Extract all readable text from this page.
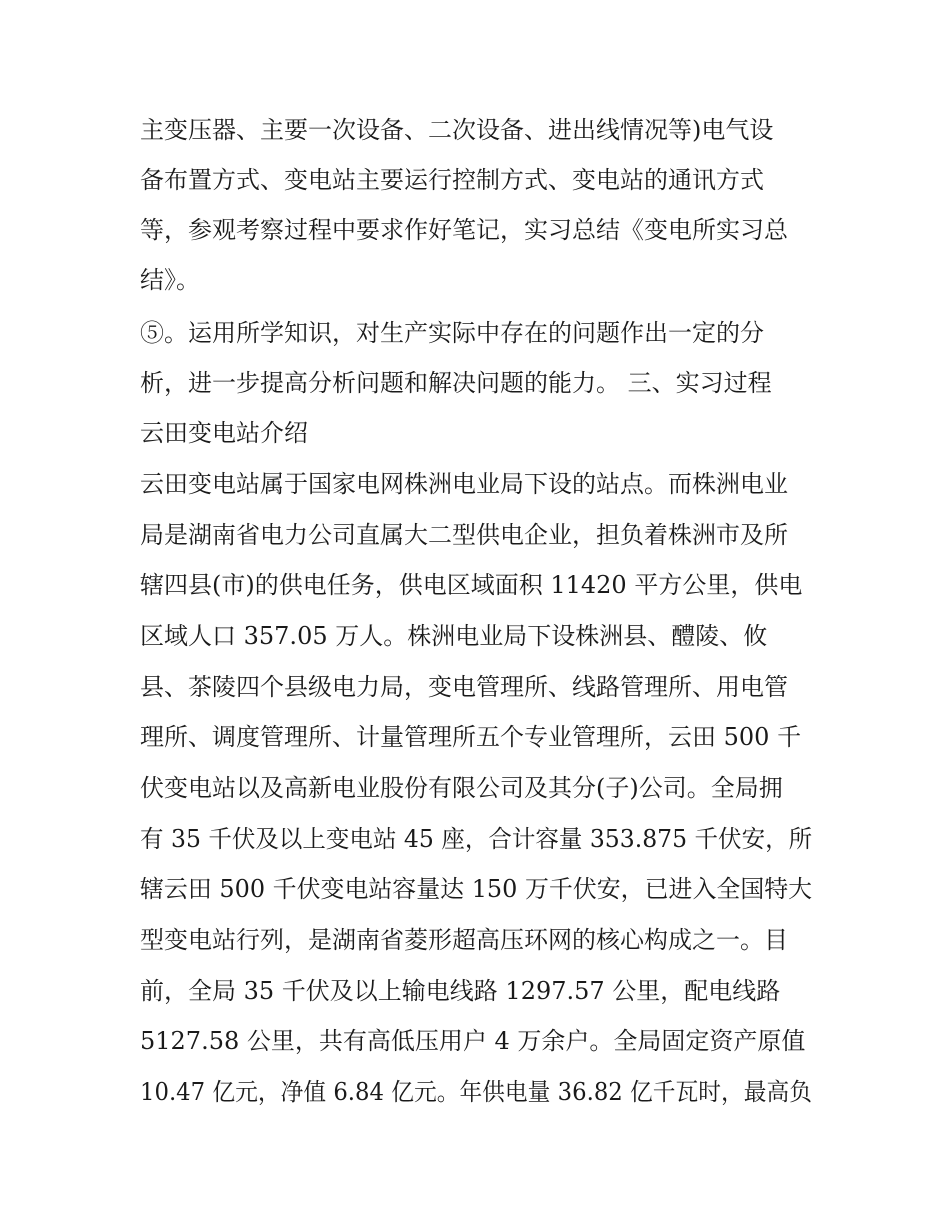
主变压器、主要一次设备、二次设备、进出线情况等)电气设
备布置方式、变电站主要运行控制方式、变电站的通讯方式
等，参观考察过程中要求作好笔记，实习总结《变电所实习总
结》。
⑤。运用所学知识，对生产实际中存在的问题作出一定的分
析，进一步提高分析问题和解决问题的能力。 三、实习过程
云田变电站介绍
云田变电站属于国家电网株洲电业局下设的站点。而株洲电业
局是湖南省电力公司直属大二型供电企业，担负着株洲市及所
辖四县(市)的供电任务，供电区域面积 11420 平方公里，供电
区域人口 357.05 万人。株洲电业局下设株洲县、醴陵、攸
县、茶陵四个县级电力局，变电管理所、线路管理所、用电管
理所、调度管理所、计量管理所五个专业管理所，云田 500 千
伏变电站以及高新电业股份有限公司及其分(子)公司。全局拥
有 35 千伏及以上变电站 45 座，合计容量 353.875 千伏安，所
辖云田 500 千伏变电站容量达 150 万千伏安，已进入全国特大
型变电站行列，是湖南省菱形超高压环网的核心构成之一。目
前，全局 35 千伏及以上输电线路 1297.57 公里，配电线路
5127.58 公里，共有高低压用户 4 万余户。全局固定资产原值
10.47 亿元，净值 6.84 亿元。年供电量 36.82 亿千瓦时，最高负
